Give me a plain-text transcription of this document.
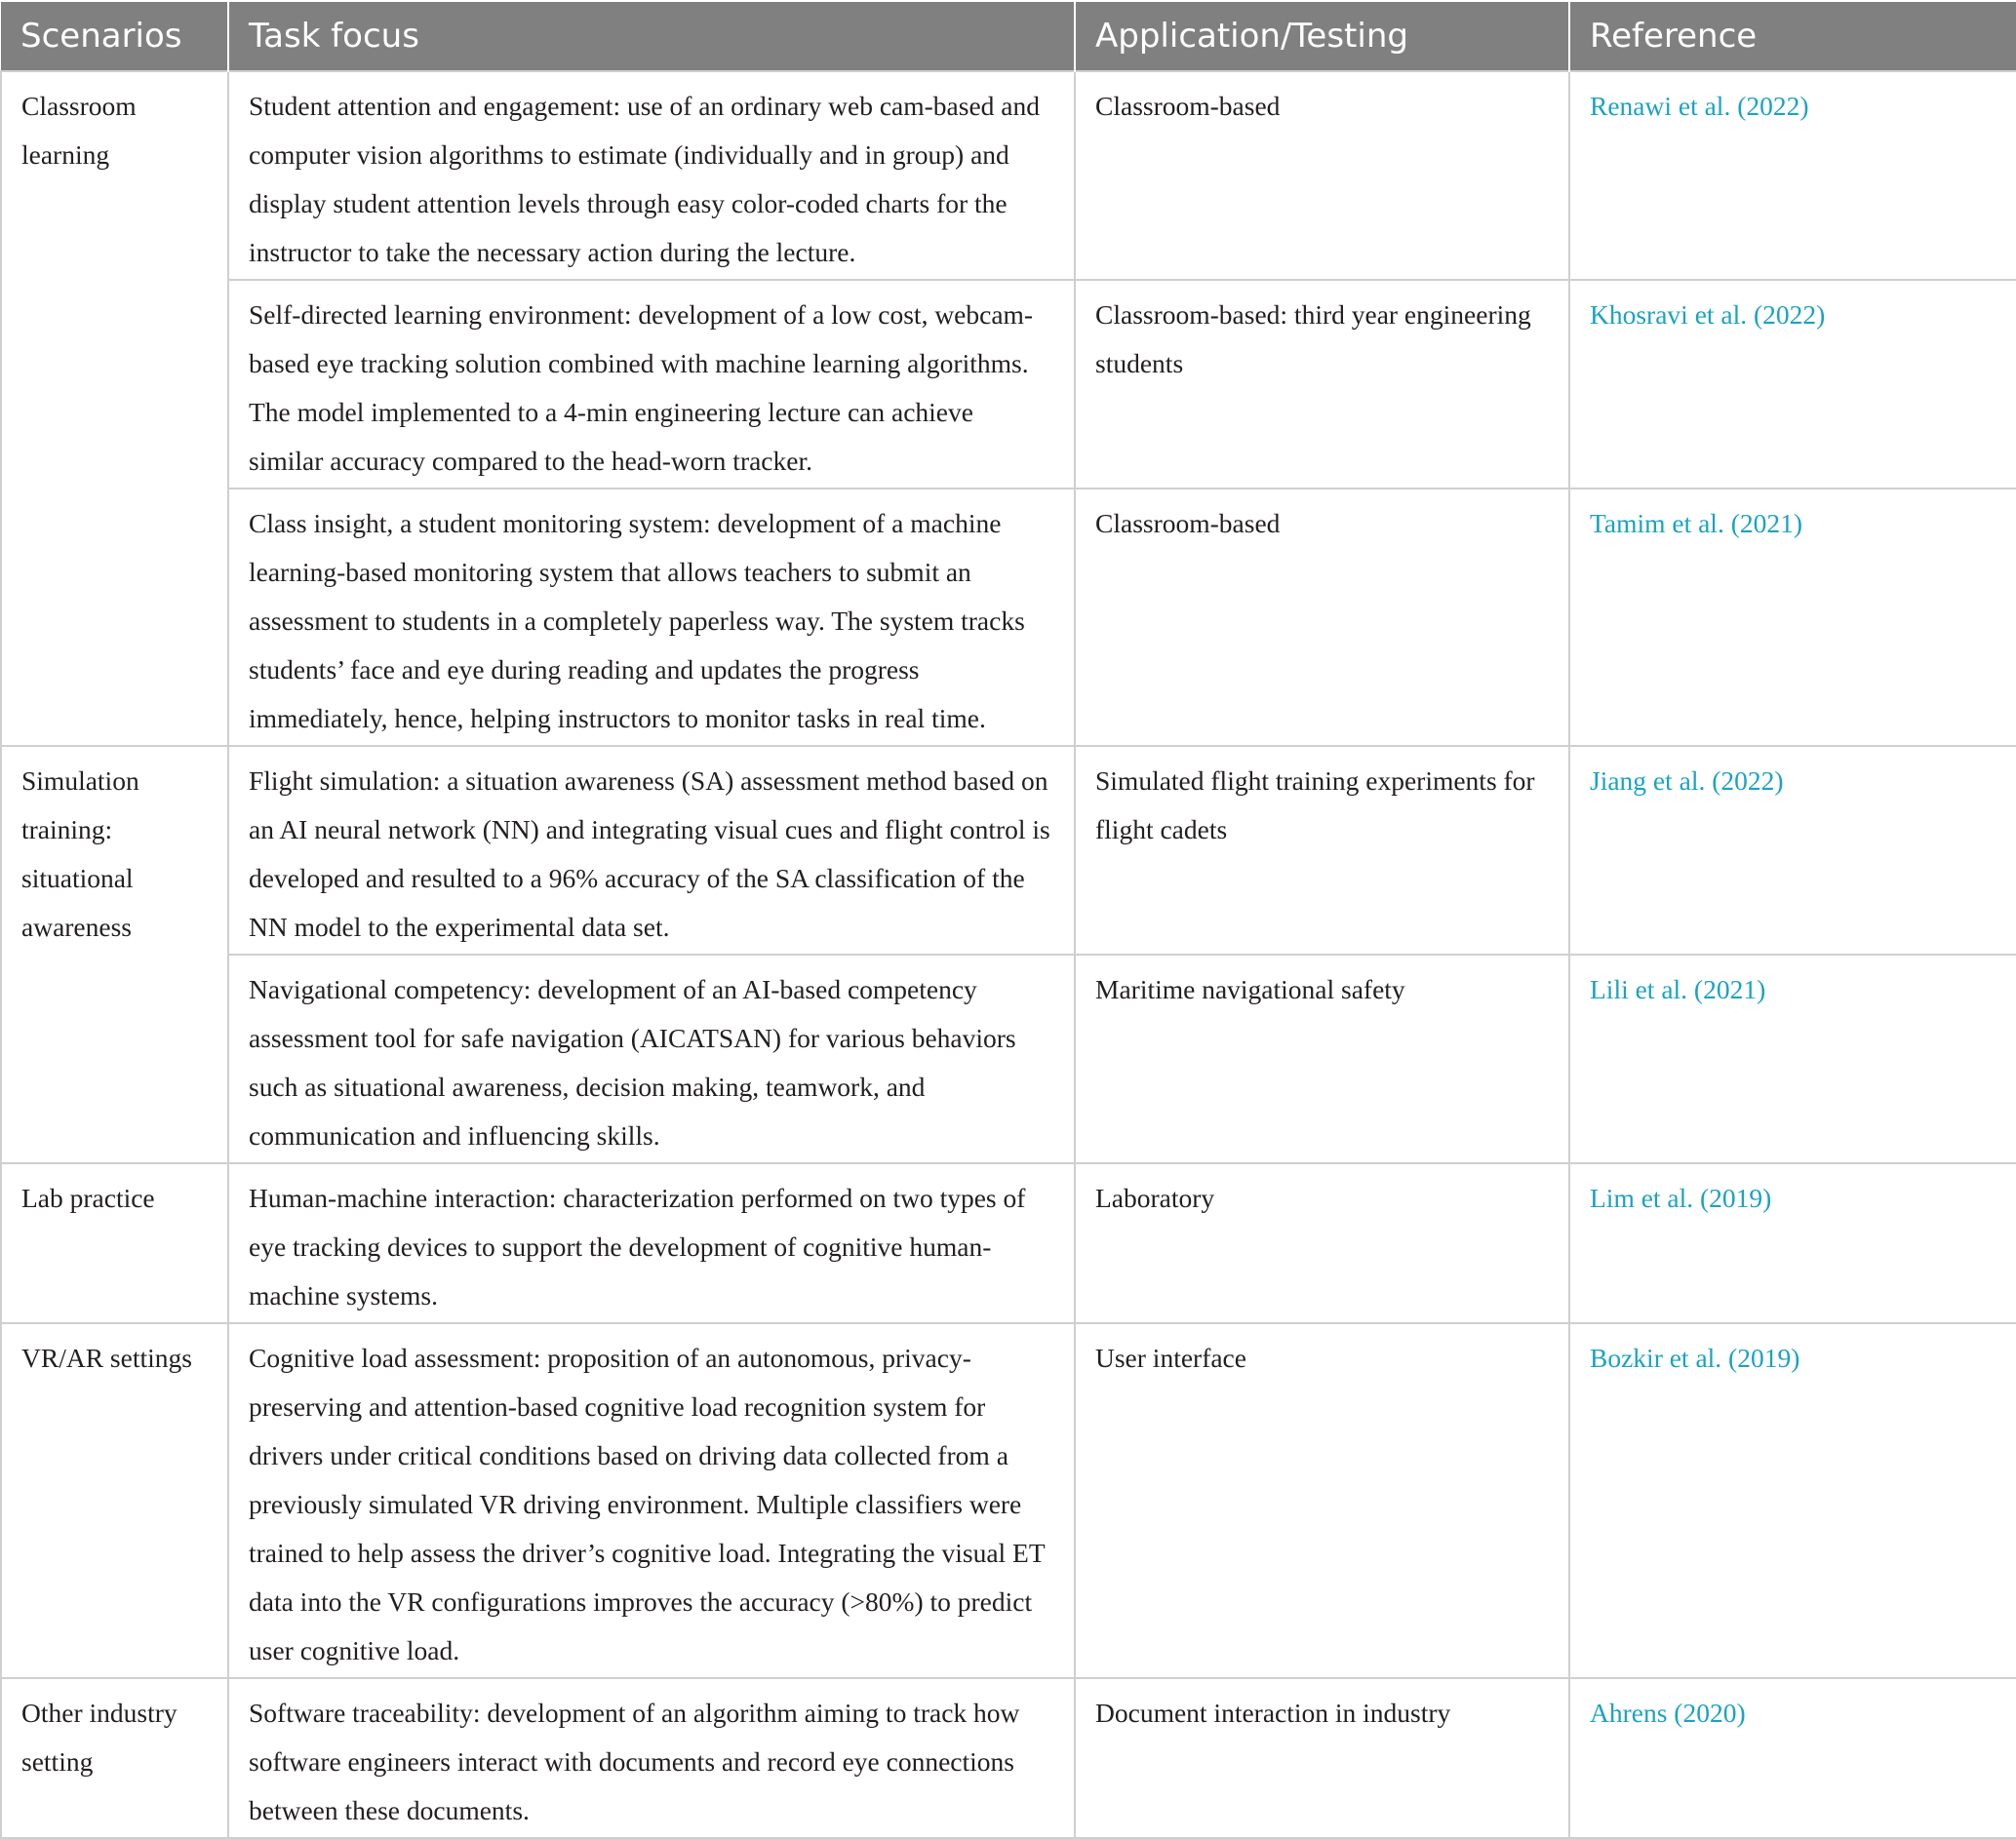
Scenarios	Task focus	Application/Testing	Reference
Classroom learning	Student attention and engagement: use of an ordinary web cam-based and computer vision algorithms to estimate (individually and in group) and display student attention levels through easy color-coded charts for the instructor to take the necessary action during the lecture.	Classroom-based	Renawi et al. (2022)
	Self-directed learning environment: development of a low cost, webcam-based eye tracking solution combined with machine learning algorithms. The model implemented to a 4-min engineering lecture can achieve similar accuracy compared to the head-worn tracker.	Classroom-based: third year engineering students	Khosravi et al. (2022)
	Class insight, a student monitoring system: development of a machine learning-based monitoring system that allows teachers to submit an assessment to students in a completely paperless way. The system tracks students’ face and eye during reading and updates the progress immediately, hence, helping instructors to monitor tasks in real time.	Classroom-based	Tamim et al. (2021)
Simulation training: situational awareness	Flight simulation: a situation awareness (SA) assessment method based on an AI neural network (NN) and integrating visual cues and flight control is developed and resulted to a 96% accuracy of the SA classification of the NN model to the experimental data set.	Simulated flight training experiments for flight cadets	Jiang et al. (2022)
	Navigational competency: development of an AI-based competency assessment tool for safe navigation (AICATSAN) for various behaviors such as situational awareness, decision making, teamwork, and communication and influencing skills.	Maritime navigational safety	Lili et al. (2021)
Lab practice	Human-machine interaction: characterization performed on two types of eye tracking devices to support the development of cognitive human-machine systems.	Laboratory	Lim et al. (2019)
VR/AR settings	Cognitive load assessment: proposition of an autonomous, privacy-preserving and attention-based cognitive load recognition system for drivers under critical conditions based on driving data collected from a previously simulated VR driving environment. Multiple classifiers were trained to help assess the driver’s cognitive load. Integrating the visual ET data into the VR configurations improves the accuracy (>80%) to predict user cognitive load.	User interface	Bozkir et al. (2019)
Other industry setting	Software traceability: development of an algorithm aiming to track how software engineers interact with documents and record eye connections between these documents.	Document interaction in industry	Ahrens (2020)
